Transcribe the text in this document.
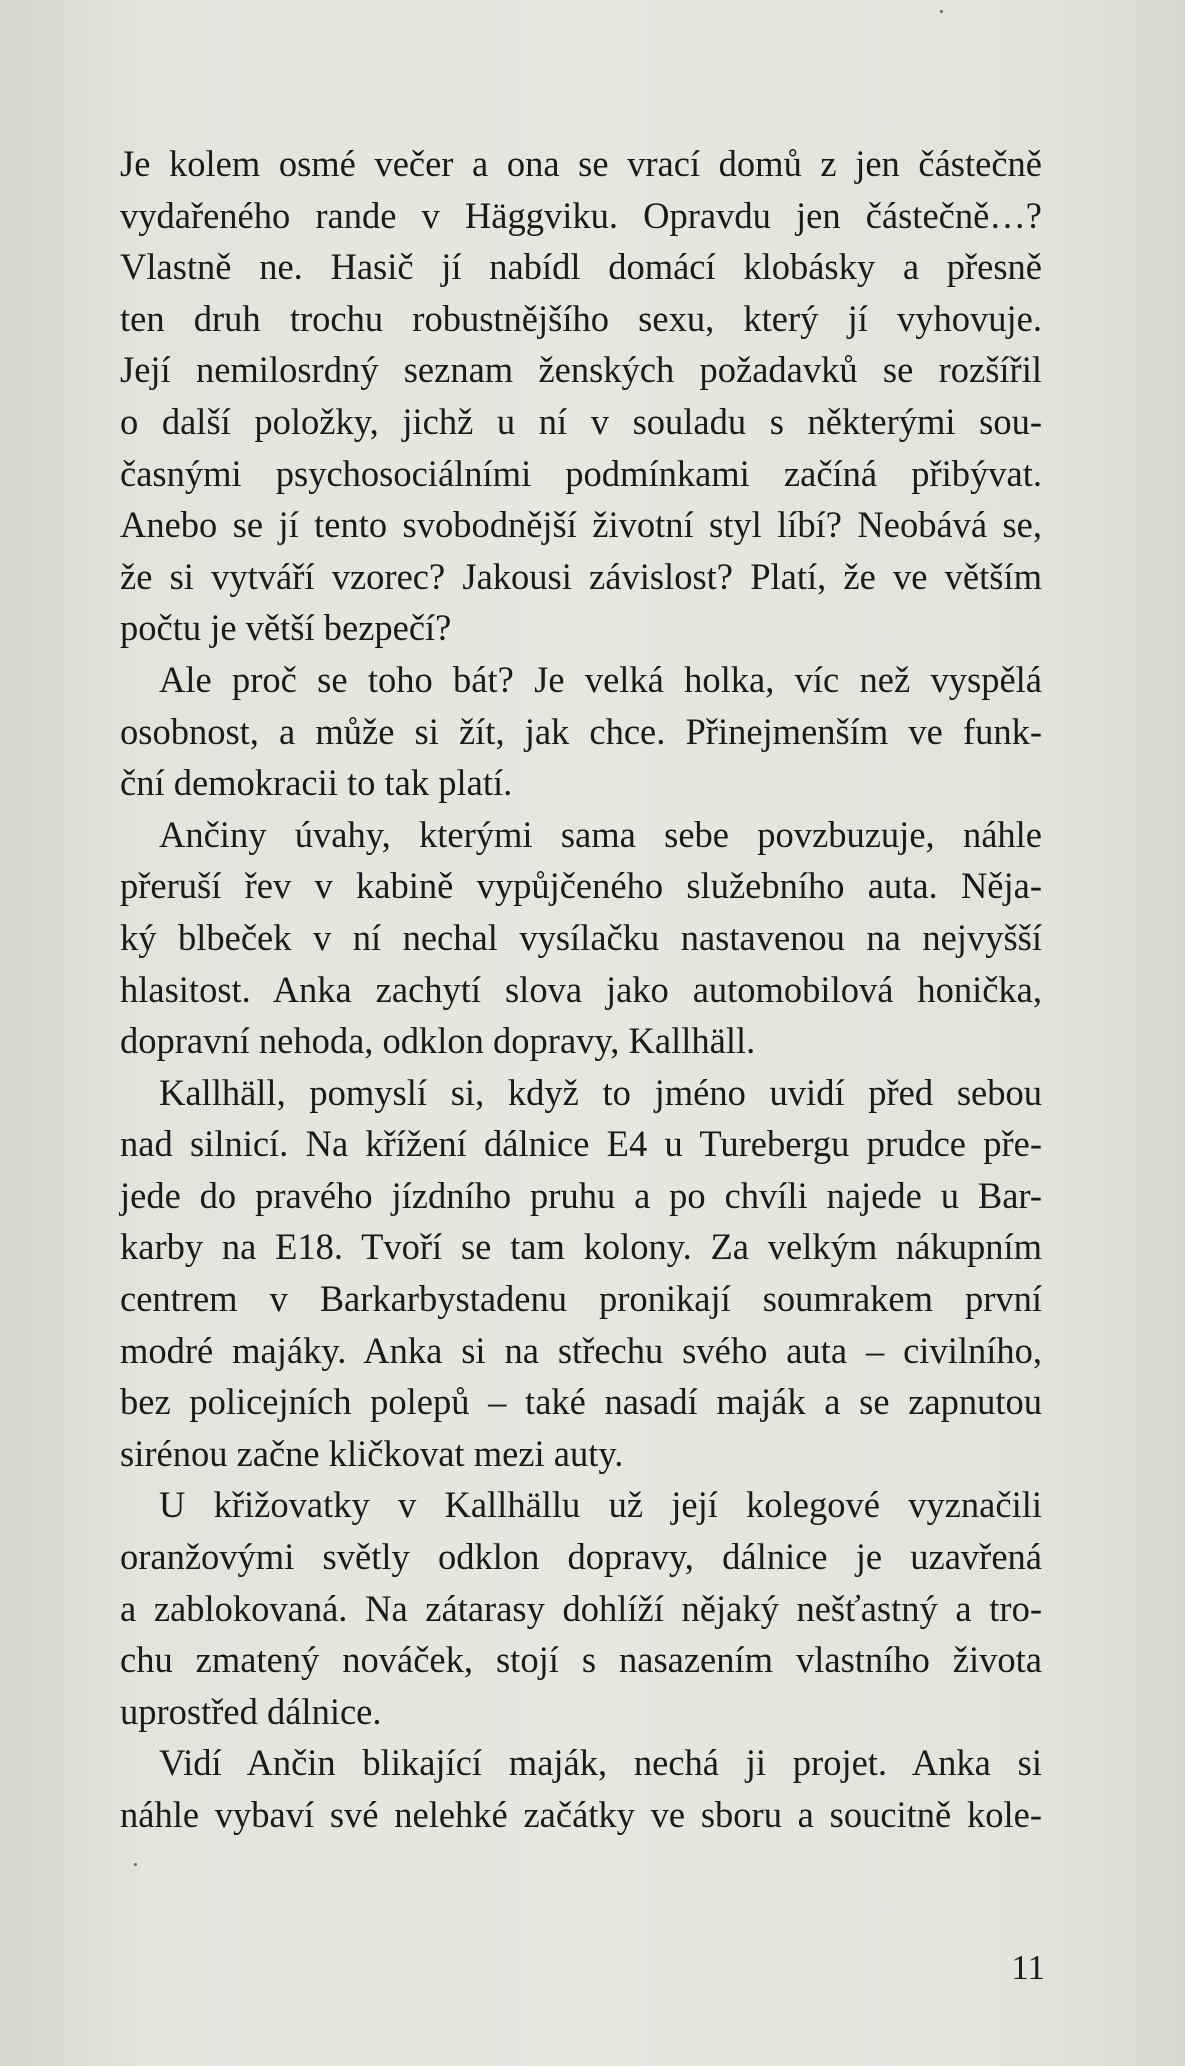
Je kolem osmé večer a ona se vrací domů z jen částečně
vydařeného rande v Häggviku. Opravdu jen částečně…?
Vlastně ne. Hasič jí nabídl domácí klobásky a přesně
ten druh trochu robustnějšího sexu, který jí vyhovuje.
Její nemilosrdný seznam ženských požadavků se rozšířil
o další položky, jichž u ní v souladu s některými sou-
časnými psychosociálními podmínkami začíná přibývat.
Anebo se jí tento svobodnější životní styl líbí? Neobává se,
že si vytváří vzorec? Jakousi závislost? Platí, že ve větším
počtu je větší bezpečí?

Ale proč se toho bát? Je velká holka, víc než vyspělá
osobnost, a může si žít, jak chce. Přinejmenším ve funk-
ční demokracii to tak platí.

Ančiny úvahy, kterými sama sebe povzbuzuje, náhle
přeruší řev v kabině vypůjčeného služebního auta. Něja-
ký blbeček v ní nechal vysílačku nastavenou na nejvyšší
hlasitost. Anka zachytí slova jako automobilová honička,
dopravní nehoda, odklon dopravy, Kallhäll.

Kallhäll, pomyslí si, když to jméno uvidí před sebou
nad silnicí. Na křížení dálnice E4 u Turebergu prudce pře-
jede do pravého jízdního pruhu a po chvíli najede u Bar-
karby na E18. Tvoří se tam kolony. Za velkým nákupním
centrem v Barkarbystadenu pronikají soumrakem první
modré majáky. Anka si na střechu svého auta – civilního,
bez policejních polepů – také nasadí maják a se zapnutou
sirénou začne kličkovat mezi auty.

U křižovatky v Kallhällu už její kolegové vyznačili
oranžovými světly odklon dopravy, dálnice je uzavřená
a zablokovaná. Na zátarasy dohlíží nějaký nešťastný a tro-
chu zmatený nováček, stojí s nasazením vlastního života
uprostřed dálnice.

Vidí Ančin blikající maják, nechá ji projet. Anka si
náhle vybaví své nelehké začátky ve sboru a soucitně kole-

11
